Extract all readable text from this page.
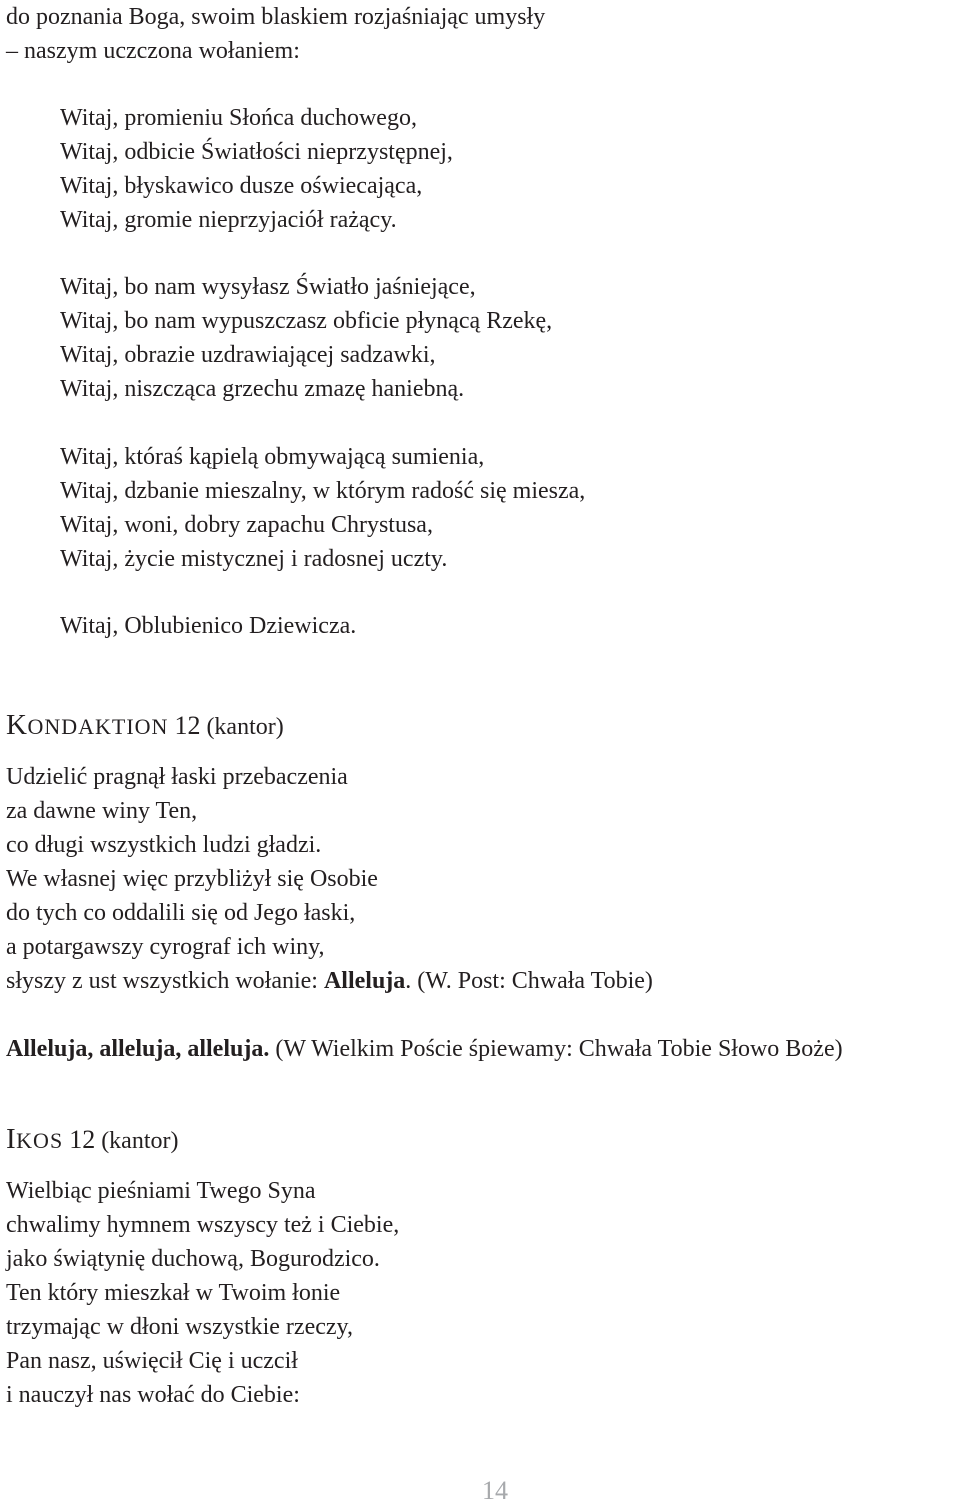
do poznania Boga, swoim blaskiem rozjaśniając umysły
– naszym uczczona wołaniem:
Witaj, promieniu Słońca duchowego,
Witaj, odbicie Światłości nieprzystępnej,
Witaj, błyskawico dusze oświecająca,
Witaj, gromie nieprzyjaciół rażący.
Witaj, bo nam wysyłasz Światło jaśniejące,
Witaj, bo nam wypuszczasz obficie płynącą Rzekę,
Witaj, obrazie uzdrawiającej sadzawki,
Witaj, niszcząca grzechu zmazę haniebną.
Witaj, któraś kąpielą obmywającą sumienia,
Witaj, dzbanie mieszalny, w którym radość się miesza,
Witaj, woni, dobry zapachu Chrystusa,
Witaj, życie mistycznej i radosnej uczty.
Witaj, Oblubienico Dziewicza.
KONDAKTION 12 (kantor)
Udzielić pragnął łaski przebaczenia
za dawne winy Ten,
co długi wszystkich ludzi gładzi.
We własnej więc przybliżył się Osobie
do tych co oddalili się od Jego łaski,
a potargawszy cyrograf ich winy,
słyszy z ust wszystkich wołanie: Alleluja. (W. Post: Chwała Tobie)
Alleluja, alleluja, alleluja. (W Wielkim Poście śpiewamy: Chwała Tobie Słowo Boże)
IKOS 12 (kantor)
Wielbiąc pieśniami Twego Syna
chwalimy hymnem wszyscy też i Ciebie,
jako świątynię duchową, Bogurodzico.
Ten który mieszkał w Twoim łonie
trzymając w dłoni wszystkie rzeczy,
Pan nasz, uświęcił Cię i uczcił
i nauczył nas wołać do Ciebie:
14
